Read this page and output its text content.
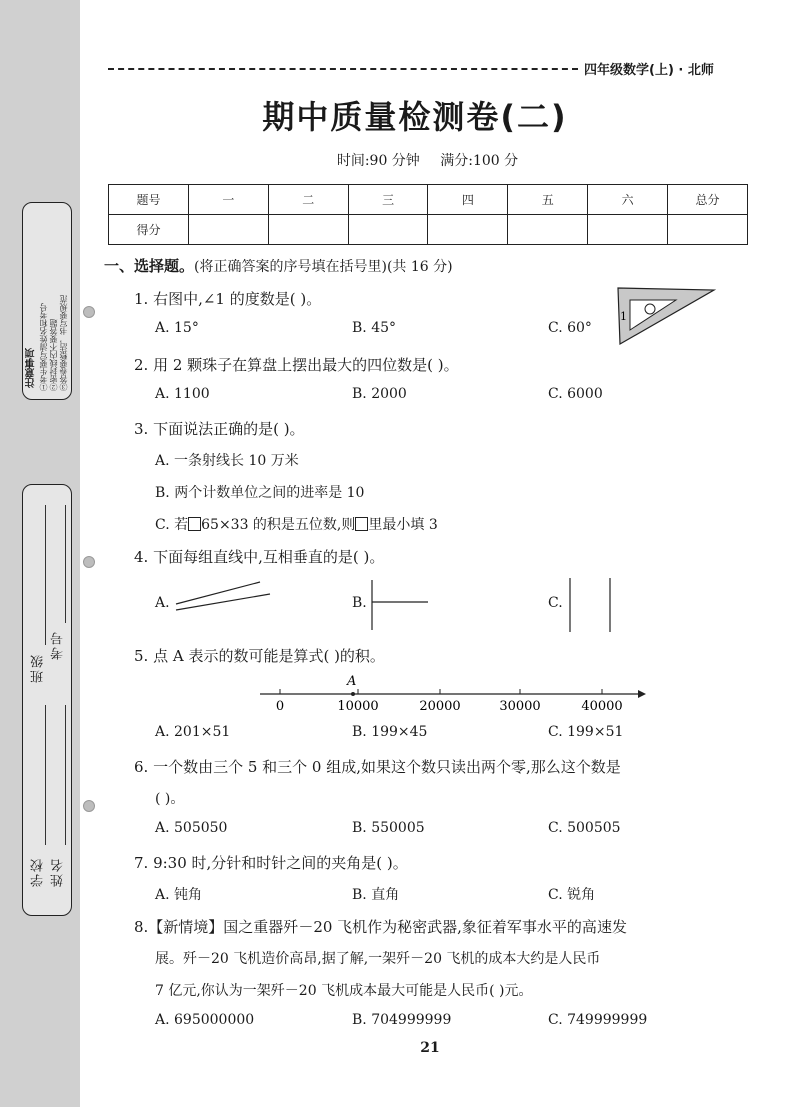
注意事项 ①考生要写清姓名和考号 ②密封线内不要答题 ③答卷要整洁，书写要规范
学校 姓名
班级
考号
四年级数学(上) · 北师
期中质量检测卷(二)
时间:90 分钟 满分:100 分
题号	一	二	三	四	五	六	总分
得分							
一、选择题。(将正确答案的序号填在括号里)(共 16 分)
1. 右图中,∠1 的度数是( )。
1
A. 15°	B. 45°	C. 60°
2. 用 2 颗珠子在算盘上摆出最大的四位数是( )。
A. 1100	B. 2000	C. 6000
3. 下面说法正确的是( )。
A. 一条射线长 10 万米
B. 两个计数单位之间的进率是 10
C. 若 65×33 的积是五位数,则 里最小填 3
4. 下面每组直线中,互相垂直的是( )。
A.	B.	C.
5. 点 A 表示的数可能是算式( )的积。
A
0	10000	20000	30000	40000
A. 201×51	B. 199×45	C. 199×51
6. 一个数由三个 5 和三个 0 组成,如果这个数只读出两个零,那么这个数是
( )。
A. 505050	B. 550005	C. 500505
7. 9:30 时,分针和时针之间的夹角是( )。
A. 钝角	B. 直角	C. 锐角
8.【新情境】国之重器歼－20 飞机作为秘密武器,象征着军事水平的高速发
展。歼－20 飞机造价高昂,据了解,一架歼－20 飞机的成本大约是人民币
7 亿元,你认为一架歼－20 飞机成本最大可能是人民币( )元。
A. 695000000	B. 704999999	C. 749999999
21
